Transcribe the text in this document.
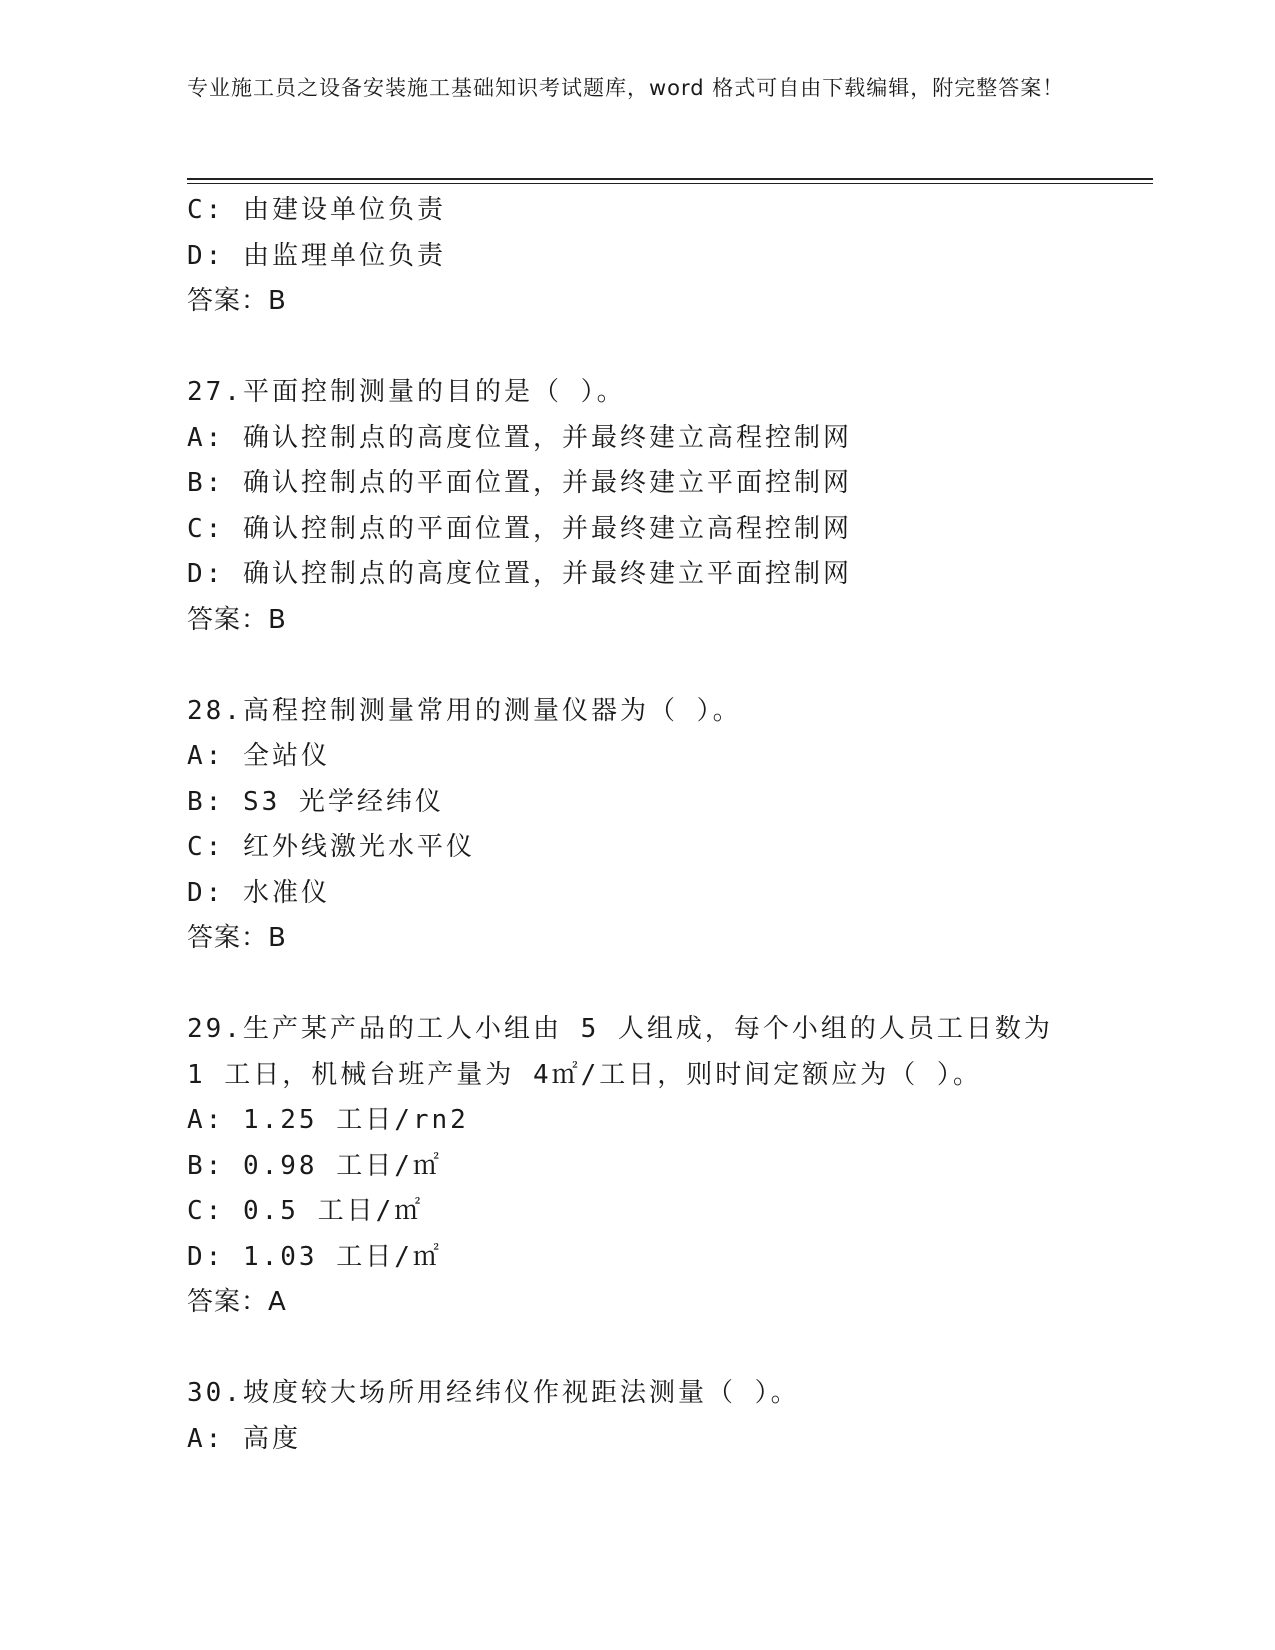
专业施工员之设备安装施工基础知识考试题库，word 格式可自由下载编辑，附完整答案！
C: 由建设单位负责
D: 由监理单位负责
答案：B
27.平面控制测量的目的是（ ）。
A: 确认控制点的高度位置，并最终建立高程控制网
B: 确认控制点的平面位置，并最终建立平面控制网
C: 确认控制点的平面位置，并最终建立高程控制网
D: 确认控制点的高度位置，并最终建立平面控制网
答案：B
28.高程控制测量常用的测量仪器为（ ）。
A: 全站仪
B: S3 光学经纬仪
C: 红外线激光水平仪
D: 水准仪
答案：B
29.生产某产品的工人小组由 5 人组成，每个小组的人员工日数为 1 工日，机械台班产量为 4㎡/工日，则时间定额应为（ ）。
A: 1.25 工日/rn2
B: 0.98 工日/㎡
C: 0.5 工日/㎡
D: 1.03 工日/㎡
答案：A
30.坡度较大场所用经纬仪作视距法测量（ ）。
A: 高度
